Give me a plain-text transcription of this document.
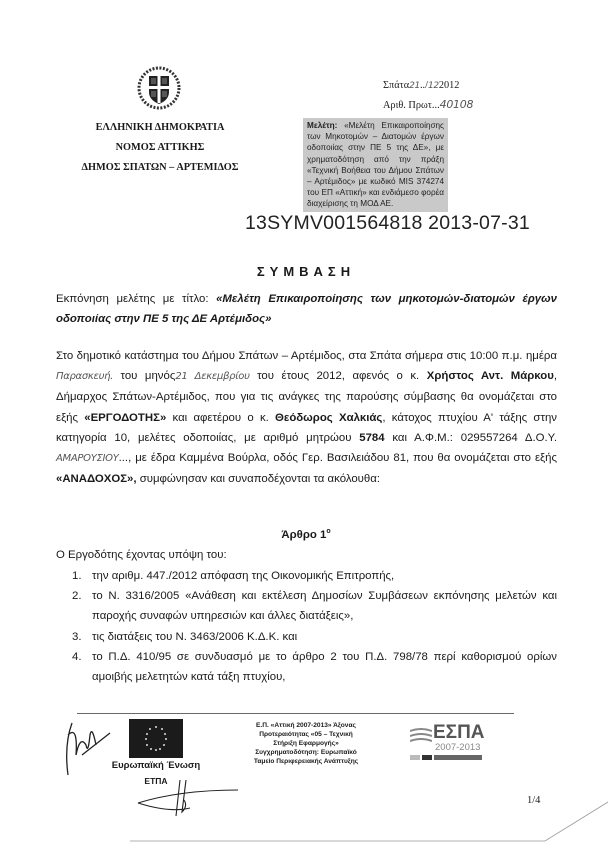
ΕΛΛΗΝΙΚΗ ΔΗΜΟΚΡΑΤΙΑ
ΝΟΜΟΣ ΑΤΤΙΚΗΣ
ΔΗΜΟΣ ΣΠΑΤΩΝ – ΑΡΤΕΜΙΔΟΣ
Σπάτα21../122012
Αριθ. Πρωτ...40108
Μελέτη: «Μελέτη Επικαιροποίησης των Μηκοτομών – Διατομών έργων οδοποιίας στην ΠΕ 5 της ΔΕ», με χρηματοδότηση από την πράξη «Τεχνική Βοήθεια του Δήμου Σπάτων – Αρτέμιδος» με κωδικό MIS 374274 του ΕΠ «Αττική» και ενδιάμεσο φορέα διαχείρισης τη ΜΟΔ ΑΕ.
13SYMV001564818 2013-07-31
ΣΥΜΒΑΣΗ
Εκπόνηση μελέτης με τίτλο: «Μελέτη Επικαιροποίησης των μηκοτομών-διατομών έργων οδοποιίας στην ΠΕ 5 της ΔΕ Αρτέμιδος»
Στο δημοτικό κατάστημα του Δήμου Σπάτων – Αρτέμιδος, στα Σπάτα σήμερα στις 10:00 π.μ. ημέρα Παρασκευή. του μηνός21 Δεκεμβρίου του έτους 2012, αφενός ο κ. Χρήστος Αντ. Μάρκου, Δήμαρχος Σπάτων-Αρτέμιδος, που για τις ανάγκες της παρούσης σύμβασης θα ονομάζεται στο εξής «ΕΡΓΟΔΟΤΗΣ» και αφετέρου ο κ. Θεόδωρος Χαλκιάς, κάτοχος πτυχίου Α' τάξης στην κατηγορία 10, μελέτες οδοποιίας, με αριθμό μητρώου 5784 και Α.Φ.Μ.: 029557264 Δ.Ο.Υ. ΑΜΑΡΟΥΣΙΟΥ..., με έδρα Καμμένα Βούρλα, οδός Γερ. Βασιλειάδου 81, που θα ονομάζεται στο εξής «ΑΝΑΔΟΧΟΣ», συμφώνησαν και συναποδέχονται τα ακόλουθα:
Άρθρο $1^o$
Ο Εργοδότης έχοντας υπόψη του:
1. την αριθμ. 447./2012 απόφαση της Οικονομικής Επιτροπής,
2. το Ν. 3316/2005 «Ανάθεση και εκτέλεση Δημοσίων Συμβάσεων εκπόνησης μελετών και παροχής συναφών υπηρεσιών και άλλες διατάξεις»,
3. τις διατάξεις του Ν. 3463/2006 Κ.Δ.Κ. και
4. το Π.Δ. 410/95 σε συνδυασμό με το άρθρο 2 του Π.Δ. 798/78 περί καθορισμού ορίων αμοιβής μελετητών κατά τάξη πτυχίου,
Ευρωπαϊκή Ένωση
ΕΤΠΑ
Ε.Π. «Αττική 2007-2013» Άξονας
Προτεραιότητας «05 – Τεχνική
Στήριξη Εφαρμογής»
Συγχρηματοδότηση: Ευρωπαϊκό
Ταμείο Περιφερειακής Ανάπτυξης
ΕΣΠΑ
2007-2013
1/4
